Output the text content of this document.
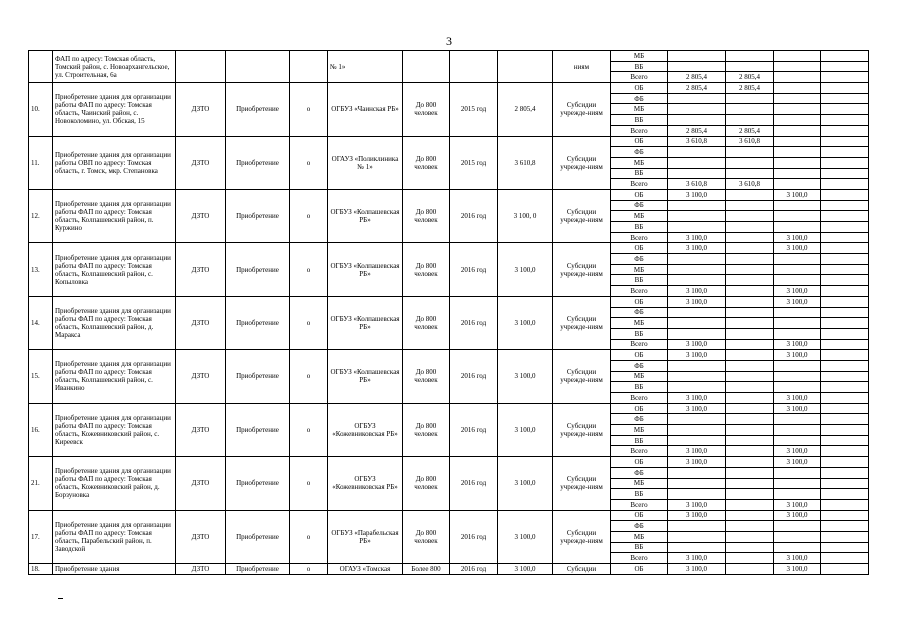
3
	ФАП по адресу: Томская область, Томский район, с. Новоархангельское, ул. Строительная, 6а				№ 1»				ниям	МБ				
										ВБ				
										Всего	2 805,4	2 805,4		
10.	Приобретение здания для организации работы ФАП по адресу: Томская область, Чаинский район, с. Новоколомино, ул. Обская, 15	ДЗТО	Приобретение	о	ОГБУЗ «Чаинская РБ»	До 800 человек	2015 год	2 805,4	Субсидии учрежде-ниям	ОБ	2 805,4	2 805,4		
										ФБ				
										МБ				
										ВБ				
										Всего	2 805,4	2 805,4		
11.	Приобретение здания для организации работы ОВП по адресу: Томская область, г. Томск, мкр. Степановка	ДЗТО	Приобретение	о	ОГАУЗ «Поликлиника № 1»	До 800 человек	2015 год	3 610,8	Субсидии учрежде-ниям	ОБ	3 610,8	3 610,8		
										ФБ				
										МБ				
										ВБ				
										Всего	3 610,8	3 610,8		
12.	Приобретение здания для организации работы ФАП по адресу: Томская область, Колпашевский район, п. Куржино	ДЗТО	Приобретение	о	ОГБУЗ «Колпашевская РБ»	До 800 человек	2016 год	3 100, 0	Субсидии учрежде-ниям	ОБ	3 100,0		3 100,0	
										ФБ				
										МБ				
										ВБ				
										Всего	3 100,0		3 100,0	
13.	Приобретение здания для организации работы ФАП по адресу: Томская область, Колпашевский район, с. Копыловка	ДЗТО	Приобретение	о	ОГБУЗ «Колпашевская РБ»	До 800 человек	2016 год	3 100,0	Субсидии учрежде-ниям	ОБ	3 100,0		3 100,0	
										ФБ				
										МБ				
										ВБ				
										Всего	3 100,0		3 100,0	
14.	Приобретение здания для организации работы ФАП по адресу: Томская область, Колпашевский район, д. Маракса	ДЗТО	Приобретение	о	ОГБУЗ «Колпашевская РБ»	До 800 человек	2016 год	3 100,0	Субсидии учрежде-ниям	ОБ	3 100,0		3 100,0	
										ФБ				
										МБ				
										ВБ				
										Всего	3 100,0		3 100,0	
15.	Приобретение здания для организации работы ФАП по адресу: Томская область, Колпашевский район, с. Иванкино	ДЗТО	Приобретение	о	ОГБУЗ «Колпашевская РБ»	До 800 человек	2016 год	3 100,0	Субсидии учрежде-ниям	ОБ	3 100,0		3 100,0	
										ФБ				
										МБ				
										ВБ				
										Всего	3 100,0		3 100,0	
16.	Приобретение здания для организации работы ФАП по адресу: Томская область, Кожевниковский район, с. Киреевск	ДЗТО	Приобретение	о	ОГБУЗ «Кожевниковская РБ»	До 800 человек	2016 год	3 100,0	Субсидии учрежде-ниям	ОБ	3 100,0		3 100,0	
										ФБ				
										МБ				
										ВБ				
										Всего	3 100,0		3 100,0	
21.	Приобретение здания для организации работы ФАП по адресу: Томская область, Кожевниковский район, д. Борзуновка	ДЗТО	Приобретение	о	ОГБУЗ «Кожевниковская РБ»	До 800 человек	2016 год	3 100,0	Субсидии учрежде-ниям	ОБ	3 100,0		3 100,0	
										ФБ				
										МБ				
										ВБ				
										Всего	3 100,0		3 100,0	
17.	Приобретение здания для организации работы ФАП по адресу: Томская область, Парабельский район, п. Заводской	ДЗТО	Приобретение	о	ОГБУЗ «Парабельская РБ»	До 800 человек	2016 год	3 100,0	Субсидии учрежде-ниям	ОБ	3 100,0		3 100,0	
										ФБ				
										МБ				
										ВБ				
										Всего	3 100,0		3 100,0	
18.	Приобретение здания	ДЗТО	Приобретение	о	ОГАУЗ «Томская	Более 800	2016 год	3 100,0	Субсидии	ОБ	3 100,0		3 100,0	
